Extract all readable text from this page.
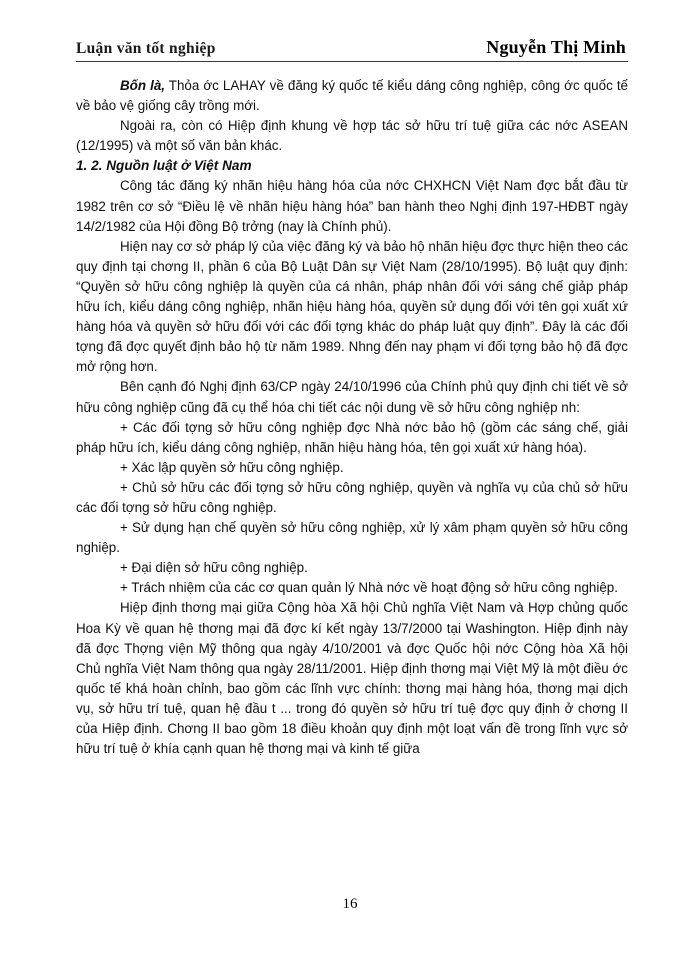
Luận văn tốt nghiệp	Nguyễn Thị Minh

Bốn là, Thỏa ớc LAHAY về đăng ký quốc tế kiểu dáng công nghiệp, công ớc quốc tế về bảo vệ giống cây trồng mới.

Ngoài ra, còn có Hiệp định khung về hợp tác sở hữu trí tuệ giữa các nớc ASEAN (12/1995) và một số văn bản khác.

1. 2. Nguồn luật ở Việt Nam

Công tác đăng ký nhãn hiệu hàng hóa của nớc CHXHCN Việt Nam đợc bắt đầu từ 1982 trên cơ sở “Điều lệ về nhãn hiệu hàng hóa” ban hành theo Nghị định 197-HĐBT ngày 14/2/1982 của Hội đồng Bộ trởng (nay là Chính phủ).

Hiện nay cơ sở pháp lý của việc đăng ký và bảo hộ nhãn hiệu đợc thực hiện theo các quy định tại chơng II, phần 6 của Bộ Luật Dân sự Việt Nam (28/10/1995). Bộ luật quy định: “Quyền sở hữu công nghiệp là quyền của cá nhân, pháp nhân đối với sáng chế giảp pháp hữu ích, kiểu dáng công nghiệp, nhãn hiệu hàng hóa, quyền sử dụng đối với tên gọi xuất xứ hàng hóa và quyền sở hữu đối với các đối tợng khác do pháp luật quy định”. Đây là các đối tợng đã đợc quyết định bảo hộ từ năm 1989. Nhng đến nay phạm vi đối tợng bảo hộ đã đợc mở rộng hơn.

Bên cạnh đó Nghị định 63/CP ngày 24/10/1996 của Chính phủ quy định chi tiết về sở hữu công nghiệp cũng đã cụ thể hóa chi tiết các nội dung về sở hữu công nghiệp nh:

+ Các đối tợng sở hữu công nghiệp đợc Nhà nớc bảo hộ (gồm các sáng chế, giải pháp hữu ích, kiểu dáng công nghiệp, nhãn hiệu hàng hóa, tên gọi xuất xứ hàng hóa).

+ Xác lập quyền sở hữu công nghiệp.

+ Chủ sở hữu các đối tợng sở hữu công nghiệp, quyền và nghĩa vụ của chủ sở hữu các đối tợng sở hữu công nghiệp.

+ Sử dụng hạn chế quyền sở hữu công nghiệp, xử lý xâm phạm quyền sở hữu công nghiệp.

+ Đại diện sở hữu công nghiệp.

+ Trách nhiệm của các cơ quan quản lý Nhà nớc về hoạt động sở hữu công nghiệp.

Hiệp định thơng mại giữa Cộng hòa Xã hội Chủ nghĩa Việt Nam và Hợp chủng quốc Hoa Kỳ về quan hệ thơng mại đã đợc kí kết ngày 13/7/2000 tại Washington. Hiệp định này đã đợc Thợng viện Mỹ thông qua ngày 4/10/2001 và đợc Quốc hội nớc Cộng hòa Xã hội Chủ nghĩa Việt Nam thông qua ngày 28/11/2001. Hiệp định thơng mại Việt Mỹ là một điều ớc quốc tế khá hoàn chỉnh, bao gồm các lĩnh vực chính: thơng mại hàng hóa, thơng mại dịch vụ, sở hữu trí tuệ, quan hệ đầu t ... trong đó quyền sở hữu trí tuệ đợc quy định ở chơng II của Hiệp định. Chơng II bao gồm 18 điều khoản quy định một loạt vấn đề trong lĩnh vực sở hữu trí tuệ ở khía cạnh quan hệ thơng mại và kinh tế giữa

16
